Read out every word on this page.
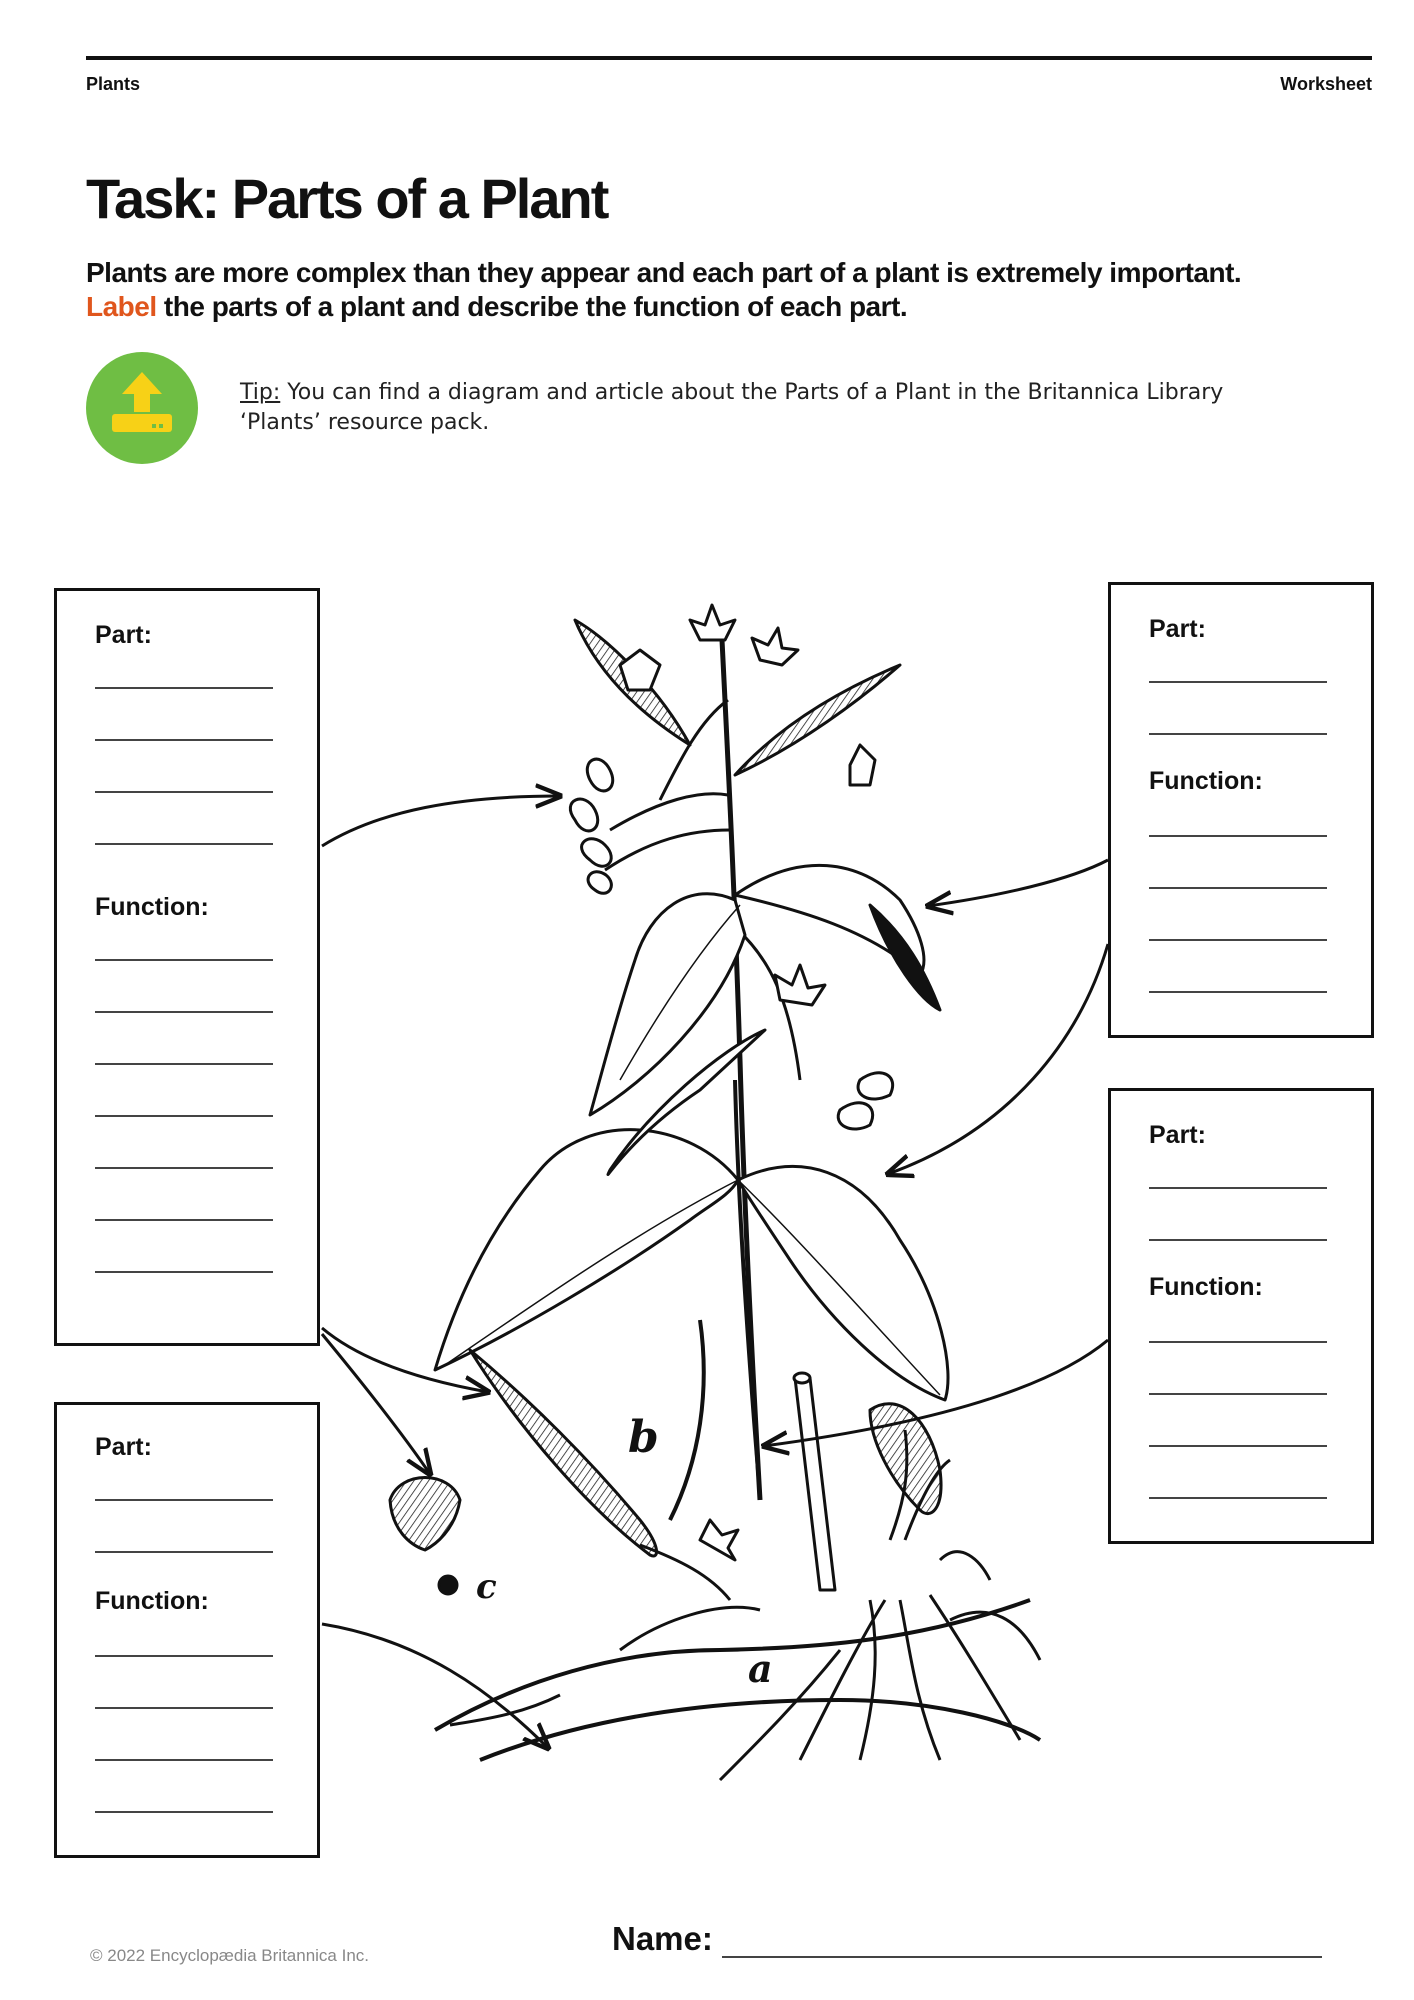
Plants	Worksheet
Task: Parts of a Plant

Plants are more complex than they appear and each part of a plant is extremely important. Label the parts of a plant and describe the function of each part.

Tip: You can find a diagram and article about the Parts of a Plant in the Britannica Library ‘Plants’ resource pack.
Part:
Function:
Part:
Function:
Part:
Function:
Part:
Function:
b
a
c
Name:
© 2022 Encyclopædia Britannica Inc.
